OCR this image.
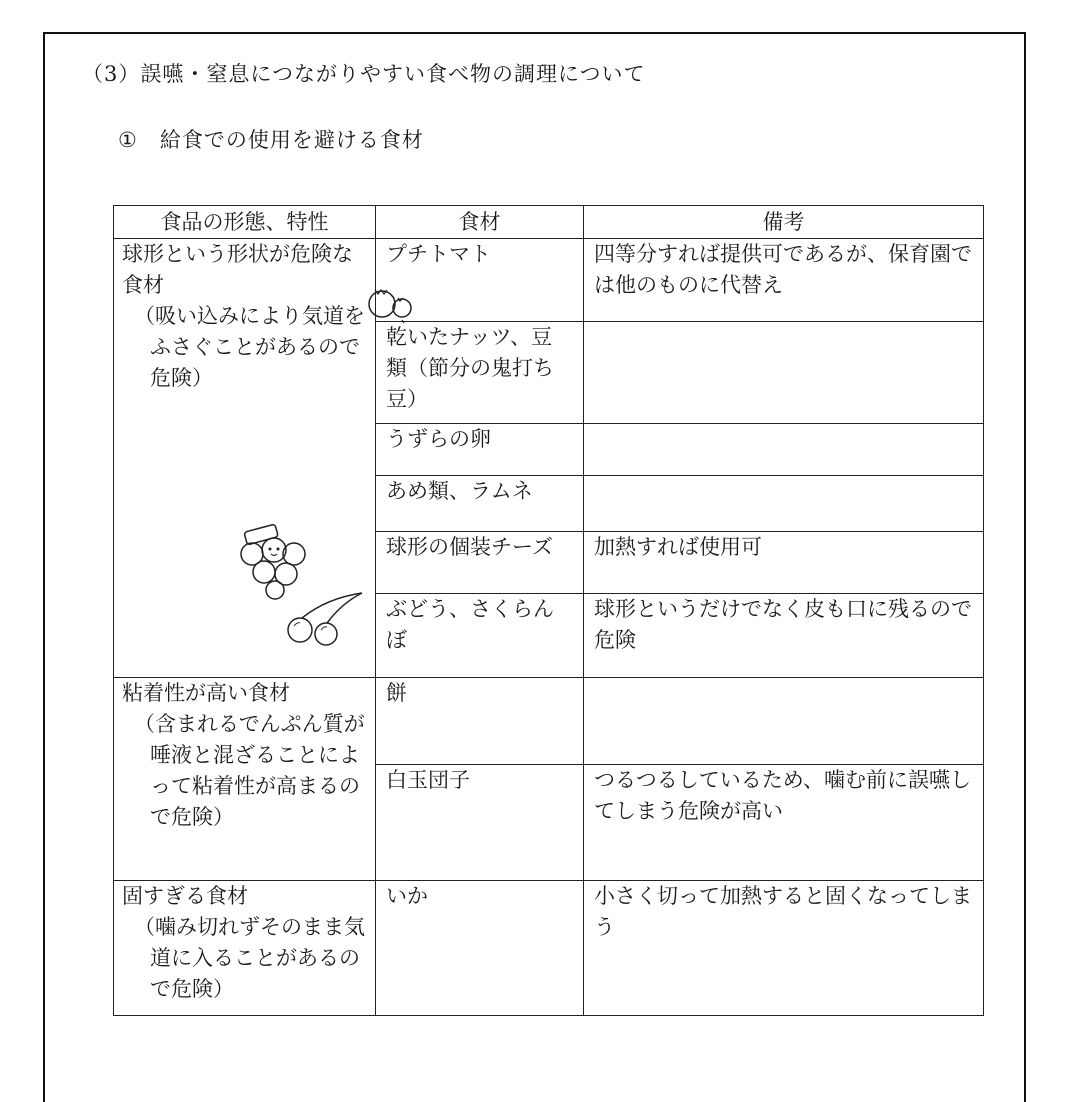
（3）誤嚥・窒息につながりやすい食べ物の調理について
① 給食での使用を避ける食材
食品の形態、特性	食材	備考
球形という形状が危険な食材
（吸い込みにより気道をふさぐことがあるので危険）	プチトマト	四等分すれば提供可であるが、保育園では他のものに代替え
	乾いたナッツ、豆類（節分の鬼打ち豆）	
	うずらの卵	
	あめ類、ラムネ	
	球形の個装チーズ	加熱すれば使用可
	ぶどう、さくらんぼ	球形というだけでなく皮も口に残るので危険
粘着性が高い食材
（含まれるでんぷん質が唾液と混ざることによって粘着性が高まるので危険）	餅	
	白玉団子	つるつるしているため、噛む前に誤嚥してしまう危険が高い
固すぎる食材
（噛み切れずそのまま気道に入ることがあるので危険）	いか	小さく切って加熱すると固くなってしまう
